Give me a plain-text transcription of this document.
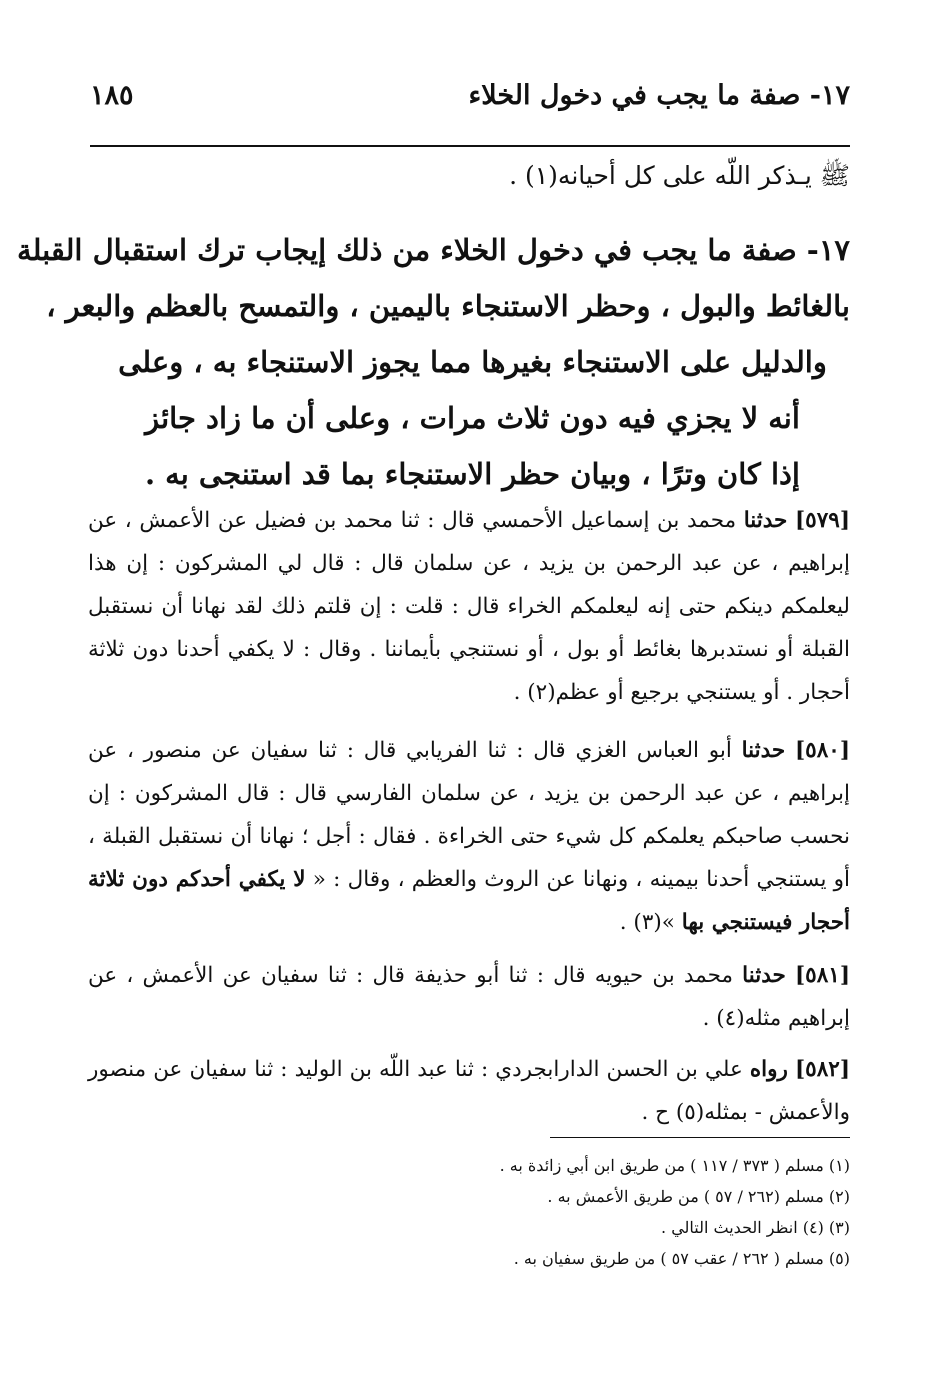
١٧- صفة ما يجب في دخول الخلاء
١٨٥
ﷺ يـذكر اللّه على كل أحيانه(١) .
١٧- صفة ما يجب في دخول الخلاء من ذلك إيجاب ترك استقبال القبلة
بالغائط والبول ، وحظر الاستنجاء باليمين ، والتمسح بالعظم والبعر ،
والدليل على الاستنجاء بغيرها مما يجوز الاستنجاء به ، وعلى
أنه لا يجزي فيه دون ثلاث مرات ، وعلى أن ما زاد جائز
إذا كان وترًا ، وبيان حظر الاستنجاء بما قد استنجى به .
[٥٧٩] حدثنا محمد بن إسماعيل الأحمسي قال : ثنا محمد بن فضيل عن الأعمش ، عن إبراهيم ، عن عبد الرحمن بن يزيد ، عن سلمان قال : قال لي المشركون : إن هذا ليعلمكم دينكم حتى إنه ليعلمكم الخراء قال : قلت : إن قلتم ذلك لقد نهانا أن نستقبل القبلة أو نستدبرها بغائط أو بول ، أو نستنجي بأيماننا . وقال : لا يكفي أحدنا دون ثلاثة أحجار . أو يستنجي برجيع أو عظم(٢) .
[٥٨٠] حدثنا أبو العباس الغزي قال : ثنا الفريابي قال : ثنا سفيان عن منصور ، عن إبراهيم ، عن عبد الرحمن بن يزيد ، عن سلمان الفارسي قال : قال المشركون : إن نحسب صاحبكم يعلمكم كل شيء حتى الخراءة . فقال : أجل ؛ نهانا أن نستقبل القبلة ، أو يستنجي أحدنا بيمينه ، ونهانا عن الروث والعظم ، وقال : « لا يكفي أحدكم دون ثلاثة أحجار فيستنجي بها »(٣) .
[٥٨١] حدثنا محمد بن حيويه قال : ثنا أبو حذيفة قال : ثنا سفيان عن الأعمش ، عن إبراهيم مثله(٤) .
[٥٨٢] رواه علي بن الحسن الدارابجردي : ثنا عبد اللّه بن الوليد : ثنا سفيان عن منصور والأعمش - بمثله(٥) ح .
(١) مسلم ( ٣٧٣ / ١١٧ ) من طريق ابن أبي زائدة به .
(٢) مسلم (٢٦٢ / ٥٧ ) من طريق الأعمش به .
(٣) (٤) انظر الحديث التالي .
(٥) مسلم ( ٢٦٢ / عقب ٥٧ ) من طريق سفيان به .
